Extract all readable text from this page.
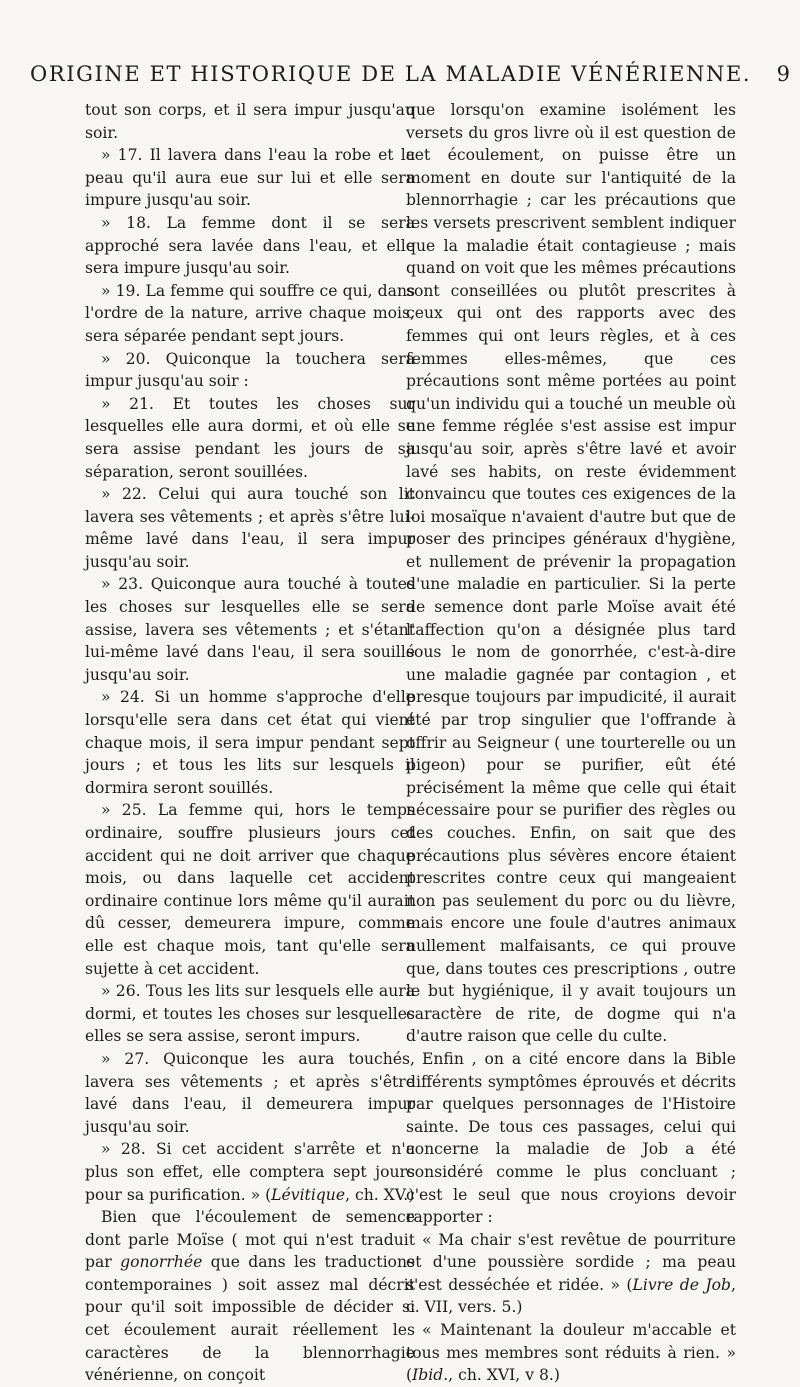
ORIGINE ET HISTORIQUE DE LA MALADIE VÉNÉRIENNE. 9

tout son corps, et il sera impur jusqu'au soir.

» 17. Il lavera dans l'eau la robe et la peau qu'il aura eue sur lui et elle sera impure jusqu'au soir.

» 18. La femme dont il se sera approché sera lavée dans l'eau, et elle sera impure jusqu'au soir.

» 19. La femme qui souffre ce qui, dans l'ordre de la nature, arrive chaque mois, sera séparée pendant sept jours.

» 20. Quiconque la touchera sera impur jusqu'au soir :

» 21. Et toutes les choses sur lesquelles elle aura dormi, et où elle se sera assise pendant les jours de sa séparation, seront souillées.

» 22. Celui qui aura touché son lit lavera ses vêtements ; et après s'être lui-même lavé dans l'eau, il sera impur jusqu'au soir.

» 23. Quiconque aura touché à toutes les choses sur lesquelles elle se sera assise, lavera ses vêtements ; et s'étant lui-même lavé dans l'eau, il sera souillé jusqu'au soir.

» 24. Si un homme s'approche d'elle lorsqu'elle sera dans cet état qui vient chaque mois, il sera impur pendant sept jours ; et tous les lits sur lesquels il dormira seront souillés.

» 25. La femme qui, hors le temps ordinaire, souffre plusieurs jours cet accident qui ne doit arriver que chaque mois, ou dans laquelle cet accident ordinaire continue lors même qu'il aurait dû cesser, demeurera impure, comme elle est chaque mois, tant qu'elle sera sujette à cet accident.

» 26. Tous les lits sur lesquels elle aura dormi, et toutes les choses sur lesquelles elles se sera assise, seront impurs.

» 27. Quiconque les aura touchés, lavera ses vêtements ; et après s'être lavé dans l'eau, il demeurera impur jusqu'au soir.

» 28. Si cet accident s'arrête et n'a plus son effet, elle comptera sept jours pour sa purification. » (Lévitique, ch. XV.)

Bien que l'écoulement de semence dont parle Moïse ( mot qui n'est traduit par gonorrhée que dans les traductions contemporaines ) soit assez mal décrit pour qu'il soit impossible de décider si cet écoulement aurait réellement les caractères de la blennorrhagie vénérienne, on conçoit

que lorsqu'on examine isolément les versets du gros livre où il est question de cet écoulement, on puisse être un moment en doute sur l'antiquité de la blennorrhagie ; car les précautions que les versets prescrivent semblent indiquer que la maladie était contagieuse ; mais quand on voit que les mêmes précautions sont conseillées ou plutôt prescrites à ceux qui ont des rapports avec des femmes qui ont leurs règles, et à ces femmes elles-mêmes, que ces précautions sont même portées au point qu'un individu qui a touché un meuble où une femme réglée s'est assise est impur jusqu'au soir, après s'être lavé et avoir lavé ses habits, on reste évidemment convaincu que toutes ces exigences de la loi mosaïque n'avaient d'autre but que de poser des principes généraux d'hygiène, et nullement de prévenir la propagation d'une maladie en particulier. Si la perte de semence dont parle Moïse avait été l'affection qu'on a désignée plus tard sous le nom de gonorrhée, c'est-à-dire une maladie gagnée par contagion , et presque toujours par impudicité, il aurait été par trop singulier que l'offrande à offrir au Seigneur ( une tourterelle ou un pigeon) pour se purifier, eût été précisément la même que celle qui était nécessaire pour se purifier des règles ou des couches. Enfin, on sait que des précautions plus sévères encore étaient prescrites contre ceux qui mangeaient non pas seulement du porc ou du lièvre, mais encore une foule d'autres animaux nullement malfaisants, ce qui prouve que, dans toutes ces prescriptions , outre le but hygiénique, il y avait toujours un caractère de rite, de dogme qui n'a d'autre raison que celle du culte.

Enfin , on a cité encore dans la Bible différents symptômes éprouvés et décrits par quelques personnages de l'Histoire sainte. De tous ces passages, celui qui concerne la maladie de Job a été considéré comme le plus concluant ; c'est le seul que nous croyions devoir rapporter :

« Ma chair s'est revêtue de pourriture et d'une poussière sordide ; ma peau s'est desséchée et ridée. » (Livre de Job, c. VII, vers. 5.)

« Maintenant la douleur m'accable et tous mes membres sont réduits à rien. » (Ibid., ch. XVI, v 8.)
